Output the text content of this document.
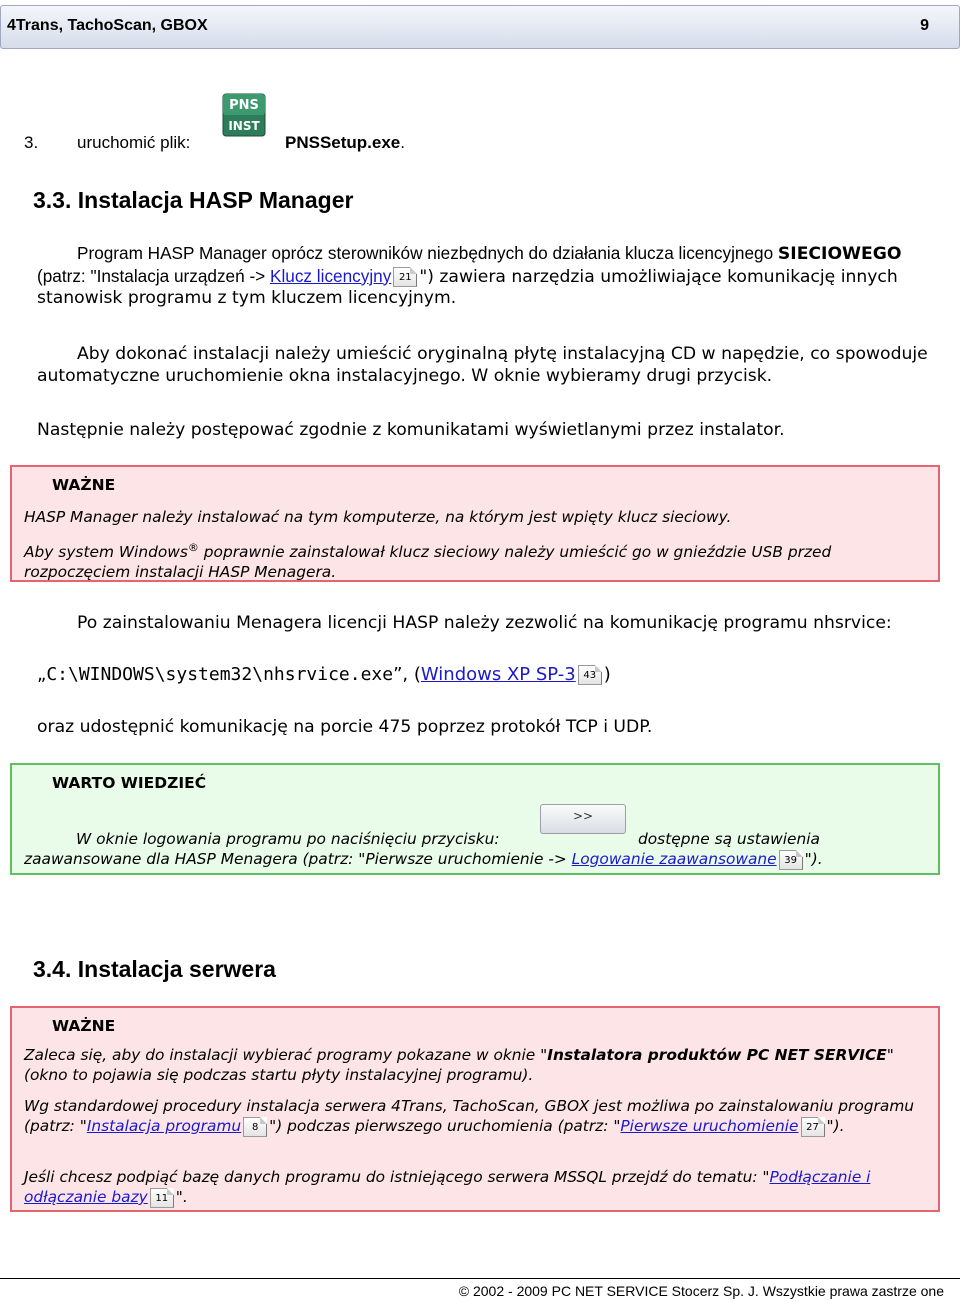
4Trans, TachoScan, GBOX	9
3. uruchomić plik:
PNS
INST
PNSSetup.exe.
3.3. Instalacja HASP Manager
Program HASP Manager oprócz sterowników niezbędnych do działania klucza licencyjnego SIECIOWEGO (patrz: "Instalacja urządzeń -> Klucz licencyjny 21 ") zawiera narzędzia umożliwiające komunikację innych stanowisk programu z tym kluczem licencyjnym.
Aby dokonać instalacji należy umieścić oryginalną płytę instalacyjną CD w napędzie, co spowoduje automatyczne uruchomienie okna instalacyjnego. W oknie wybieramy drugi przycisk.
Następnie należy postępować zgodnie z komunikatami wyświetlanymi przez instalator.
WAŻNE
HASP Manager należy instalować na tym komputerze, na którym jest wpięty klucz sieciowy.
Aby system Windows® poprawnie zainstalował klucz sieciowy należy umieścić go w gnieździe USB przed rozpoczęciem instalacji HASP Menagera.
Po zainstalowaniu Menagera licencji HASP należy zezwolić na komunikację programu nhsrvice:
„C:\WINDOWS\system32\nhsrvice.exe”, (Windows XP SP-3 43 )
oraz udostępnić komunikację na porcie 475 poprzez protokół TCP i UDP.
WARTO WIEDZIEĆ
>>
W oknie logowania programu po naciśnięciu przycisku:	dostępne są ustawienia
zaawansowane dla HASP Menagera (patrz: "Pierwsze uruchomienie -> Logowanie zaawansowane 39 ").
3.4. Instalacja serwera
WAŻNE
Zaleca się, aby do instalacji wybierać programy pokazane w oknie "Instalatora produktów PC NET SERVICE" (okno to pojawia się podczas startu płyty instalacyjnej programu).
Wg standardowej procedury instalacja serwera 4Trans, TachoScan, GBOX jest możliwa po zainstalowaniu programu (patrz: "Instalacja programu 8 ") podczas pierwszego uruchomienia (patrz: "Pierwsze uruchomienie 27 ").
Jeśli chcesz podpiąć bazę danych programu do istniejącego serwera MSSQL przejdź do tematu: "Podłączanie i odłączanie bazy 11 ".
© 2002 - 2009 PC NET SERVICE Stocerz Sp. J. Wszystkie prawa zastrze one
